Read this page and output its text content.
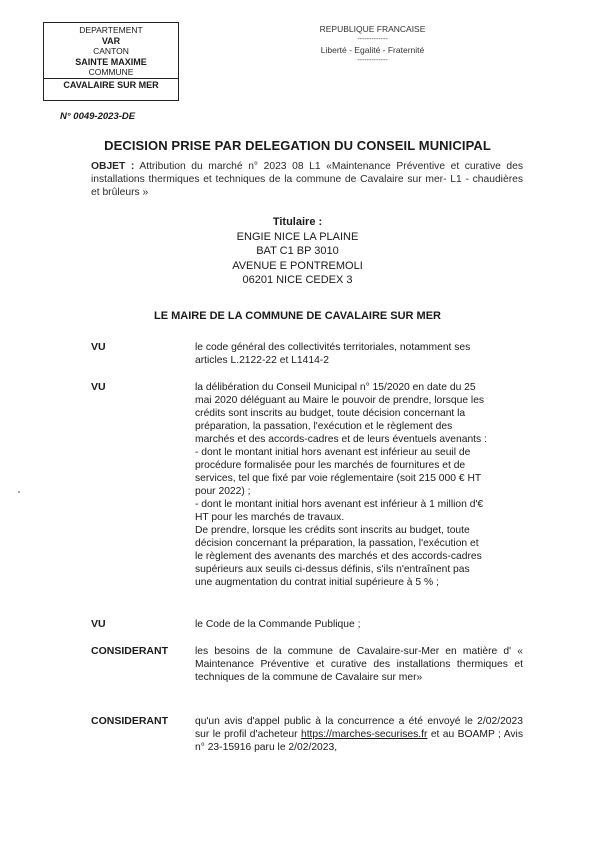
DEPARTEMENT
VAR
CANTON
SAINTE MAXIME
COMMUNE
CAVALAIRE SUR MER
REPUBLIQUE FRANCAISE
-------------
Liberté - Egalité - Fraternité
-------------
N° 0049-2023-DE
DECISION PRISE PAR DELEGATION DU CONSEIL MUNICIPAL
OBJET : Attribution du marché n° 2023 08 L1 «Maintenance Préventive et curative des installations thermiques et techniques de la commune de Cavalaire sur mer- L1 - chaudières et brûleurs »
Titulaire :
ENGIE NICE LA PLAINE
BAT C1 BP 3010
AVENUE E PONTREMOLI
06201 NICE CEDEX 3
LE MAIRE DE LA COMMUNE DE CAVALAIRE SUR MER
VU	le code général des collectivités territoriales, notamment ses
articles L.2122-22 et L1414-2
VU	la délibération du Conseil Municipal n° 15/2020 en date du 25
mai 2020 déléguant au Maire le pouvoir de prendre, lorsque les
crédits sont inscrits au budget, toute décision concernant la
préparation, la passation, l'exécution et le règlement des
marchés et des accords-cadres et de leurs éventuels avenants :
- dont le montant initial hors avenant est inférieur au seuil de
procédure formalisée pour les marchés de fournitures et de
services, tel que fixé par voie réglementaire (soit 215 000 € HT
pour 2022) ;
- dont le montant initial hors avenant est inférieur à 1 million d'€
HT pour les marchés de travaux.
De prendre, lorsque les crédits sont inscrits au budget, toute
décision concernant la préparation, la passation, l'exécution et
le règlement des avenants des marchés et des accords-cadres
supérieurs aux seuils ci-dessus définis, s'ils n'entraînent pas
une augmentation du contrat initial supérieure à 5 % ;
VU	le Code de la Commande Publique ;
CONSIDERANT	les besoins de la commune de Cavalaire-sur-Mer en matière d' « Maintenance Préventive et curative des installations thermiques et techniques de la commune de Cavalaire sur mer»
CONSIDERANT	qu'un avis d'appel public à la concurrence a été envoyé le 2/02/2023 sur le profil d'acheteur https://marches-securises.fr et au BOAMP ; Avis n° 23-15916 paru le 2/02/2023,
